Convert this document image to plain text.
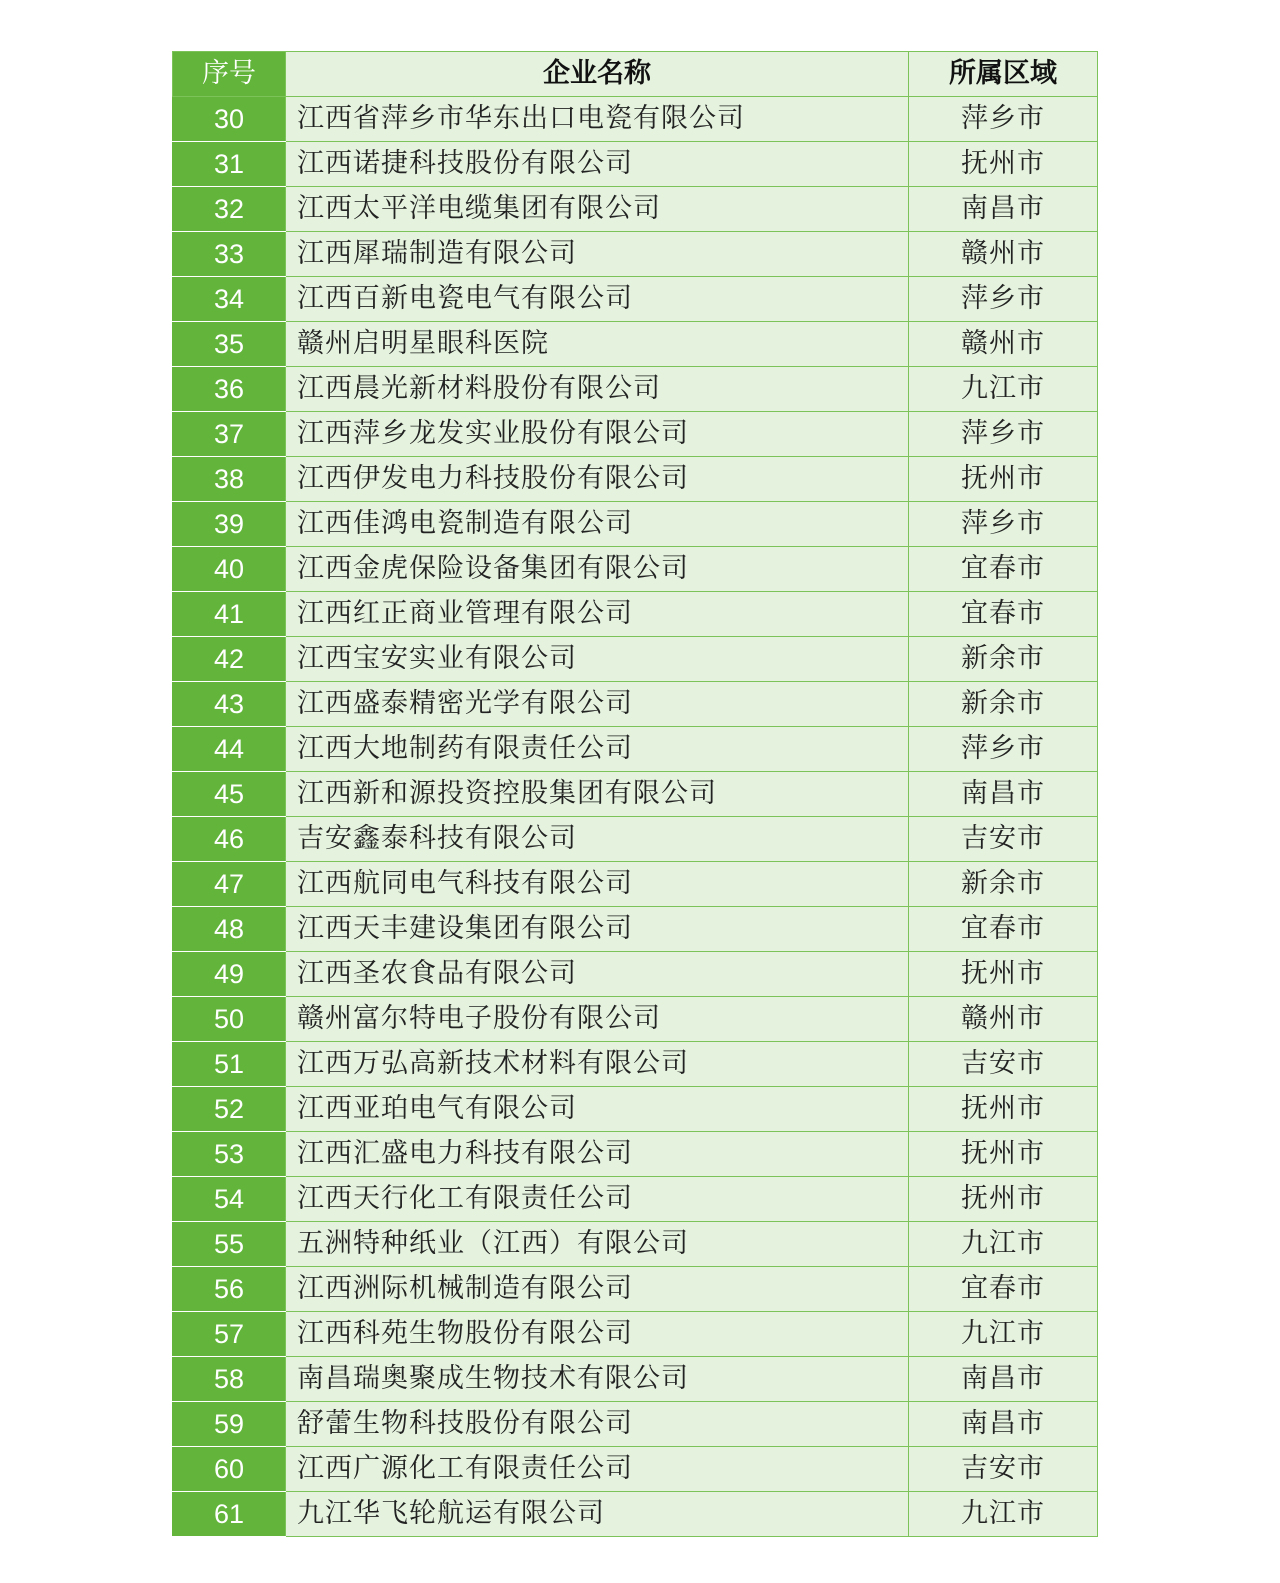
序号	企业名称	所属区域
30	江西省萍乡市华东出口电瓷有限公司	萍乡市
31	江西诺捷科技股份有限公司	抚州市
32	江西太平洋电缆集团有限公司	南昌市
33	江西犀瑞制造有限公司	赣州市
34	江西百新电瓷电气有限公司	萍乡市
35	赣州启明星眼科医院	赣州市
36	江西晨光新材料股份有限公司	九江市
37	江西萍乡龙发实业股份有限公司	萍乡市
38	江西伊发电力科技股份有限公司	抚州市
39	江西佳鸿电瓷制造有限公司	萍乡市
40	江西金虎保险设备集团有限公司	宜春市
41	江西红正商业管理有限公司	宜春市
42	江西宝安实业有限公司	新余市
43	江西盛泰精密光学有限公司	新余市
44	江西大地制药有限责任公司	萍乡市
45	江西新和源投资控股集团有限公司	南昌市
46	吉安鑫泰科技有限公司	吉安市
47	江西航同电气科技有限公司	新余市
48	江西天丰建设集团有限公司	宜春市
49	江西圣农食品有限公司	抚州市
50	赣州富尔特电子股份有限公司	赣州市
51	江西万弘高新技术材料有限公司	吉安市
52	江西亚珀电气有限公司	抚州市
53	江西汇盛电力科技有限公司	抚州市
54	江西天行化工有限责任公司	抚州市
55	五洲特种纸业（江西）有限公司	九江市
56	江西洲际机械制造有限公司	宜春市
57	江西科苑生物股份有限公司	九江市
58	南昌瑞奥聚成生物技术有限公司	南昌市
59	舒蕾生物科技股份有限公司	南昌市
60	江西广源化工有限责任公司	吉安市
61	九江华飞轮航运有限公司	九江市
